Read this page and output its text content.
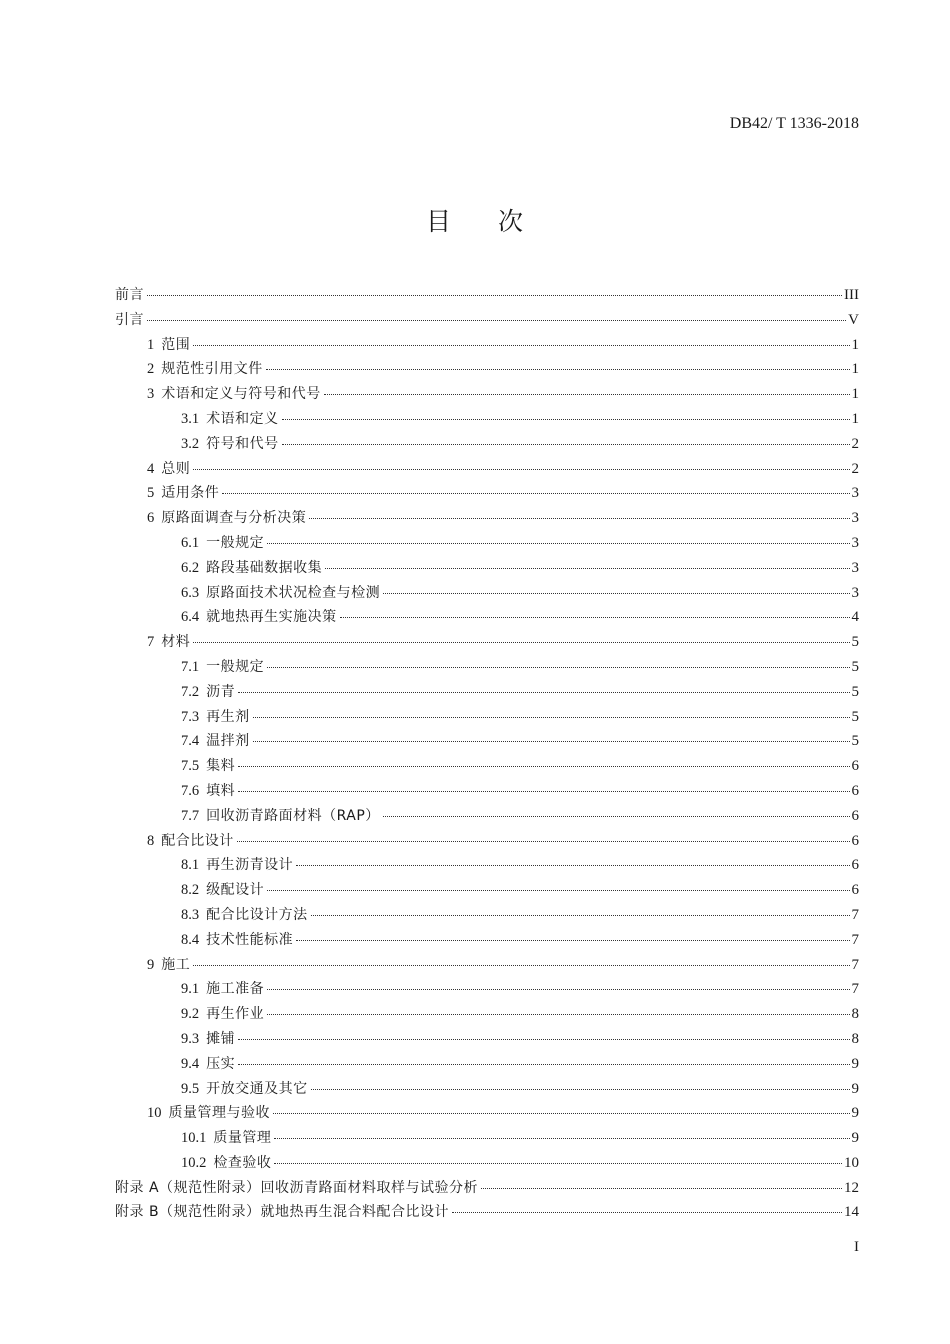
DB42/ T 1336-2018
目 次
前言	III
引言	V
1 范围	1
2 规范性引用文件	1
3 术语和定义与符号和代号	1
3.1 术语和定义	1
3.2 符号和代号	2
4 总则	2
5 适用条件	3
6 原路面调查与分析决策	3
6.1 一般规定	3
6.2 路段基础数据收集	3
6.3 原路面技术状况检查与检测	3
6.4 就地热再生实施决策	4
7 材料	5
7.1 一般规定	5
7.2 沥青	5
7.3 再生剂	5
7.4 温拌剂	5
7.5 集料	6
7.6 填料	6
7.7 回收沥青路面材料（RAP）	6
8 配合比设计	6
8.1 再生沥青设计	6
8.2 级配设计	6
8.3 配合比设计方法	7
8.4 技术性能标准	7
9 施工	7
9.1 施工准备	7
9.2 再生作业	8
9.3 摊铺	8
9.4 压实	9
9.5 开放交通及其它	9
10 质量管理与验收	9
10.1 质量管理	9
10.2 检查验收	10
附录 A（规范性附录）回收沥青路面材料取样与试验分析	12
附录 B（规范性附录）就地热再生混合料配合比设计	14
I
